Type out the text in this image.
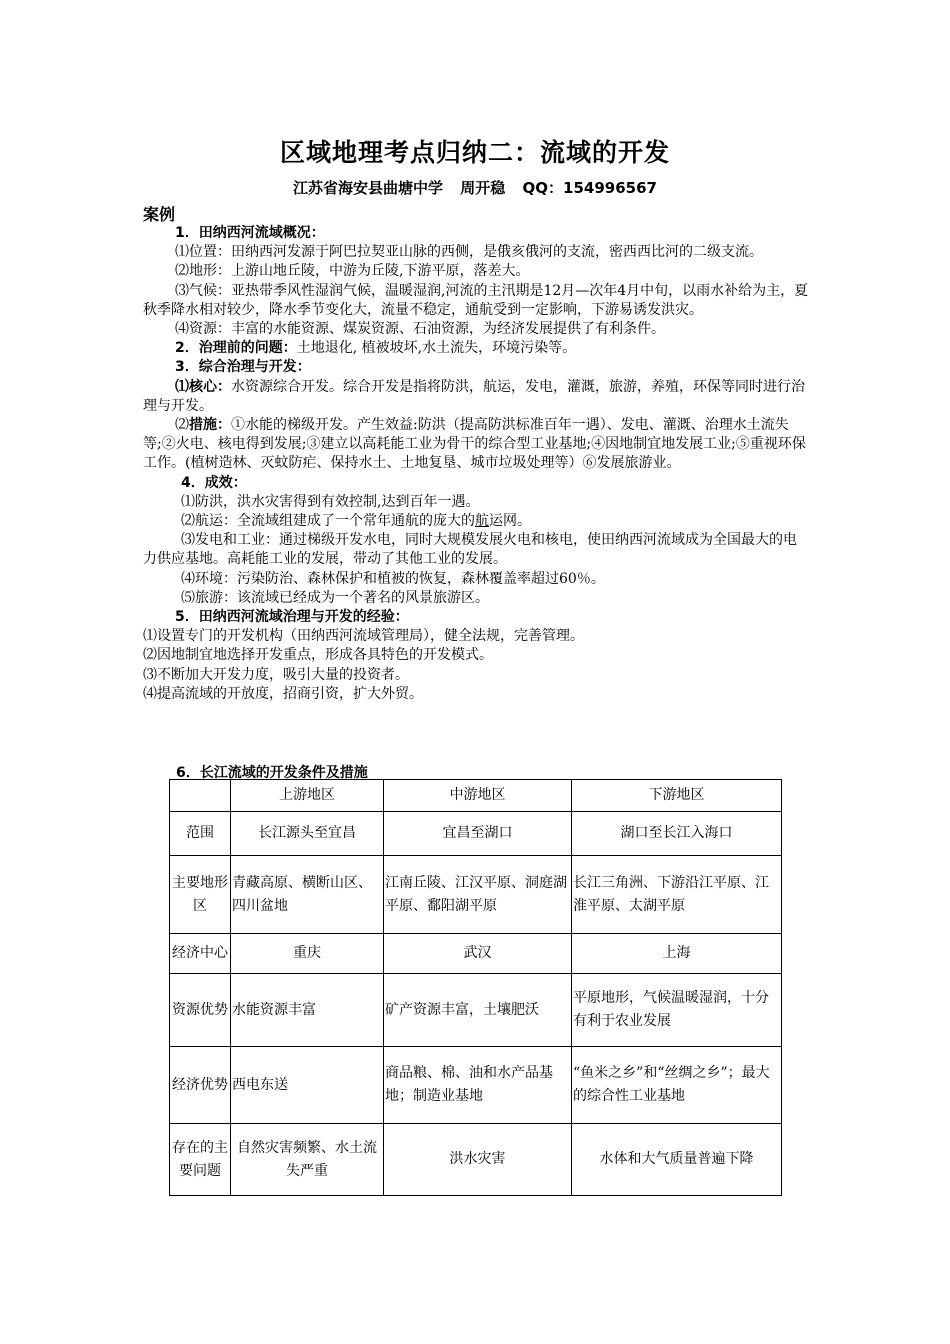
区域地理考点归纳二：流域的开发
江苏省海安县曲塘中学 周开稳 QQ：154996567
案例

1．田纳西河流域概况：

⑴位置：田纳西河发源于阿巴拉契亚山脉的西侧，是俄亥俄河的支流，密西西比河的二级支流。

⑵地形：上游山地丘陵，中游为丘陵,下游平原，落差大。

⑶气候：亚热带季风性湿润气候，温暖湿润,河流的主汛期是12月—次年4月中旬，以雨水补给为主，夏秋季降水相对较少，降水季节变化大，流量不稳定，通航受到一定影响，下游易诱发洪灾。

⑷资源：丰富的水能资源、煤炭资源、石油资源，为经济发展提供了有利条件。

2．治理前的问题：土地退化, 植被坡坏,水土流失，环境污染等。

3．综合治理与开发：

⑴核心：水资源综合开发。综合开发是指将防洪，航运，发电，灌溉，旅游，养殖，环保等同时进行治理与开发。

⑵措施：①水能的梯级开发。产生效益:防洪（提高防洪标准百年一遇）、发电、灌溉、治理水土流失等;②火电、核电得到发展;③建立以高耗能工业为骨干的综合型工业基地;④因地制宜地发展工业;⑤重视环保工作。(植树造林、灭蚊防疟、保持水土、土地复垦、城市垃圾处理等）⑥发展旅游业。

4．成效：

⑴防洪，洪水灾害得到有效控制,达到百年一遇。

⑵航运：全流域组建成了一个常年通航的庞大的航运网。

⑶发电和工业：通过梯级开发水电，同时大规模发展火电和核电，使田纳西河流域成为全国最大的电力供应基地。高耗能工业的发展，带动了其他工业的发展。

⑷环境：污染防治、森林保护和植被的恢复，森林覆盖率超过60％。

⑸旅游：该流域已经成为一个著名的风景旅游区。

5．田纳西河流域治理与开发的经验：

⑴设置专门的开发机构（田纳西河流域管理局），健全法规，完善管理。

⑵因地制宜地选择开发重点，形成各具特色的开发模式。

⑶不断加大开发力度，吸引大量的投资者。

⑷提高流域的开放度，招商引资，扩大外贸。

6．长江流域的开发条件及措施
	上游地区	中游地区	下游地区
范围	长江源头至宜昌	宜昌至湖口	湖口至长江入海口
主要地形区	青藏高原、横断山区、四川盆地	江南丘陵、江汉平原、洞庭湖平原、鄱阳湖平原	长江三角洲、下游沿江平原、江淮平原、太湖平原
经济中心	重庆	武汉	上海
资源优势	水能资源丰富	矿产资源丰富，土壤肥沃	平原地形，气候温暖湿润，十分有利于农业发展
经济优势	西电东送	商品粮、棉、油和水产品基地；制造业基地	“鱼米之乡”和“丝绸之乡”；最大的综合性工业基地
存在的主要问题	自然灾害频繁、水土流失严重	洪水灾害	水体和大气质量普遍下降
